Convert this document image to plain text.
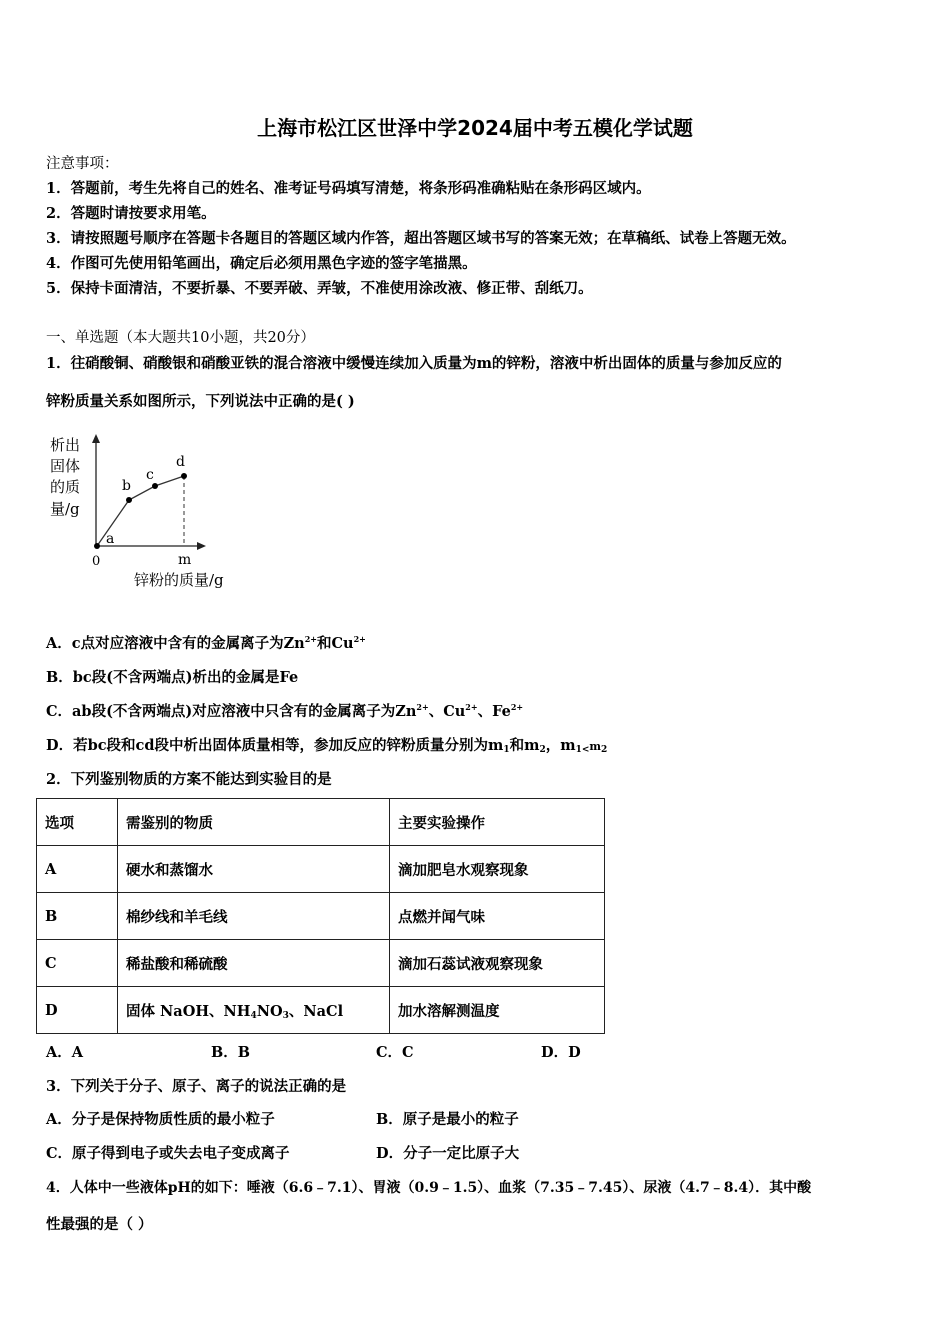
上海市松江区世泽中学2024届中考五模化学试题
注意事项：
1．答题前，考生先将自己的姓名、准考证号码填写清楚，将条形码准确粘贴在条形码区域内。
2．答题时请按要求用笔。
3．请按照题号顺序在答题卡各题目的答题区域内作答，超出答题区域书写的答案无效；在草稿纸、试卷上答题无效。
4．作图可先使用铅笔画出，确定后必须用黑色字迹的签字笔描黑。
5．保持卡面清洁，不要折暴、不要弄破、弄皱，不准使用涂改液、修正带、刮纸刀。
一、单选题（本大题共10小题，共20分）
1．往硝酸铜、硝酸银和硝酸亚铁的混合溶液中缓慢连续加入质量为m的锌粉，溶液中析出固体的质量与参加反应的
锌粉质量关系如图所示，下列说法中正确的是( )
析出
固体
的质
量/g
a
b
c
d
0	m
锌粉的质量/g
A．c点对应溶液中含有的金属离子为$Zn^{2+}$和$Cu^{2+}$
B．bc段(不含两端点)析出的金属是Fe
C．ab段(不含两端点)对应溶液中只含有的金属离子为$Zn^{2+}$、$Cu^{2+}$、$Fe^{2+}$
D．若bc段和cd段中析出固体质量相等，参加反应的锌粉质量分别为$m_1$和$m_2$，$m_{1<}m_2$
2．下列鉴别物质的方案不能达到实验目的是
选项	需鉴别的物质	主要实验操作
A	硬水和蒸馏水	滴加肥皂水观察现象
B	棉纱线和羊毛线	点燃并闻气味
C	稀盐酸和稀硫酸	滴加石蕊试液观察现象
D	固体 NaOH、$NH_4NO_3$、NaCl	加水溶解测温度
A．A	B．B	C．C	D．D
3．下列关于分子、原子、离子的说法正确的是
A．分子是保持物质性质的最小粒子	B．原子是最小的粒子
C．原子得到电子或失去电子变成离子	D．分子一定比原子大
4．人体中一些液体pH的如下：唾液（6.6﹣7.1）、胃液（0.9﹣1.5）、血浆（7.35﹣7.45）、尿液（4.7﹣8.4）．其中酸
性最强的是（ ）
